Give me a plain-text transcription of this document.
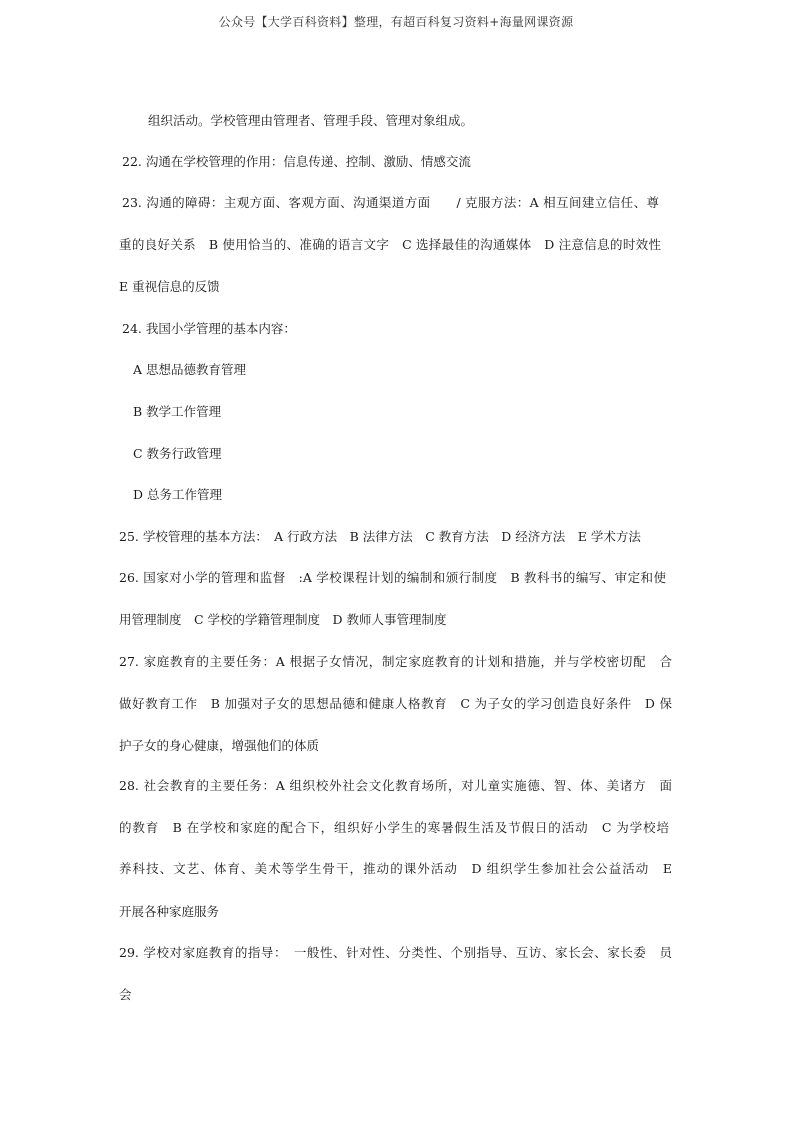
公众号【大学百科资料】整理，有超百科复习资料+海量网课资源
组织活动。学校管理由管理者、管理手段、管理对象组成。
22. 沟通在学校管理的作用：信息传递、控制、激励、情感交流
23. 沟通的障碍：主观方面、客观方面、沟通渠道方面　　/ 克服方法：A 相互间建立信任、尊
重的良好关系　B 使用恰当的、准确的语言文字　C 选择最佳的沟通媒体　D 注意信息的时效性
E 重视信息的反馈
24. 我国小学管理的基本内容：
A 思想品德教育管理
B 教学工作管理
C 教务行政管理
D 总务工作管理
25. 学校管理的基本方法：　A 行政方法　B 法律方法　C 教育方法　D 经济方法　E 学术方法
26. 国家对小学的管理和监督　:A 学校课程计划的编制和颁行制度　B 教科书的编写、审定和使
用管理制度　C 学校的学籍管理制度　D 教师人事管理制度
27. 家庭教育的主要任务：A 根据子女情况，制定家庭教育的计划和措施，并与学校密切配　合
做好教育工作　B 加强对子女的思想品德和健康人格教育　C 为子女的学习创造良好条件　D 保
护子女的身心健康，增强他们的体质
28. 社会教育的主要任务：A 组织校外社会文化教育场所，对儿童实施德、智、体、美诸方　面
的教育　B 在学校和家庭的配合下，组织好小学生的寒暑假生活及节假日的活动　C 为学校培
养科技、文艺、体育、美术等学生骨干，推动的课外活动　D 组织学生参加社会公益活动　E
开展各种家庭服务
29. 学校对家庭教育的指导：　一般性、针对性、分类性、个别指导、互访、家长会、家长委　员
会
